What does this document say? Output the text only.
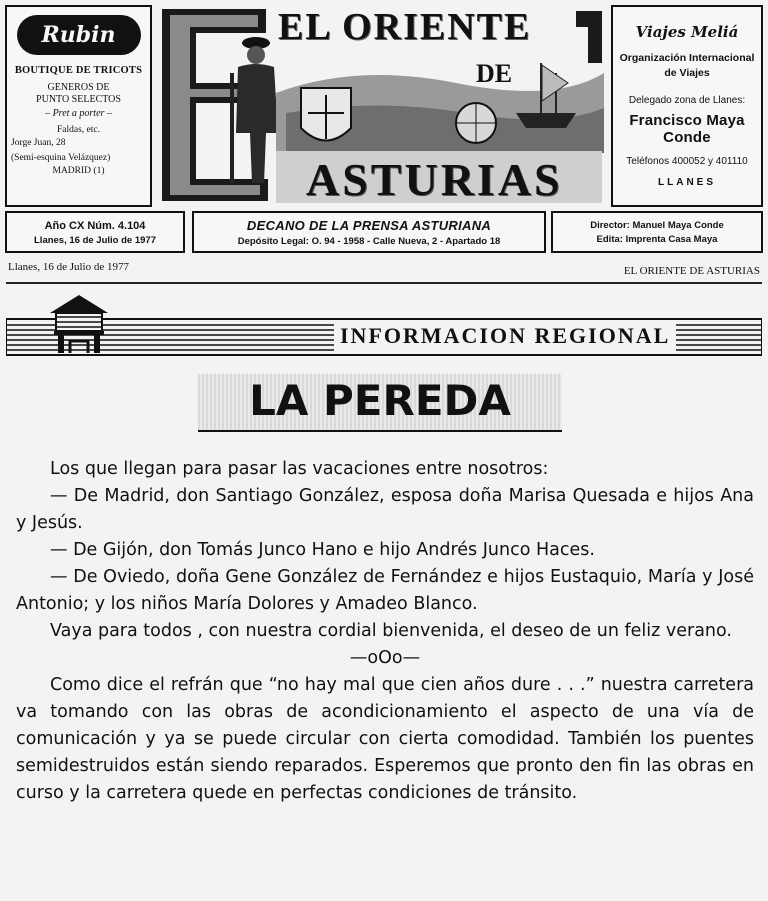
Rubin
BOUTIQUE DE TRICOTS
GENEROS DE
PUNTO SELECTOS
– Pret a porter –
Faldas, etc.
Jorge Juan, 28
(Semi-esquina Velázquez)
MADRID (1)
EL ORIENTE
DE
ASTURIAS
Viajes Meliá
Organización Internacional
de Viajes
Delegado zona de Llanes:
Francisco Maya Conde
Teléfonos 400052 y 401110
LLANES
Año CX Núm. 4.104
Llanes, 16 de Julio de 1977
DECANO DE LA PRENSA ASTURIANA
Depósito Legal: O. 94 - 1958 - Calle Nueva, 2 - Apartado 18
Director: Manuel Maya Conde
Edita: Imprenta Casa Maya
Llanes, 16 de Julio de 1977	EL ORIENTE DE ASTURIAS
INFORMACION REGIONAL
LA PEREDA

Los que llegan para pasar las vacaciones entre nosotros:

— De Madrid, don Santiago González, esposa doña Marisa Quesada e hijos Ana y Jesús.

— De Gijón, don Tomás Junco Hano e hijo Andrés Junco Haces.

— De Oviedo, doña Gene González de Fernández e hijos Eustaquio, María y José Antonio; y los niños María Dolores y Amadeo Blanco.

Vaya para todos , con nuestra cordial bienvenida, el deseo de un feliz verano.

—oOo—

Como dice el refrán que “no hay mal que cien años dure . . .” nuestra carretera va tomando con las obras de acondicionamiento el aspecto de una vía de comunicación y ya se puede circular con cierta comodidad. También los puentes semidestruidos están siendo reparados. Esperemos que pronto den fin las obras en curso y la carretera quede en perfectas condiciones de tránsito.
